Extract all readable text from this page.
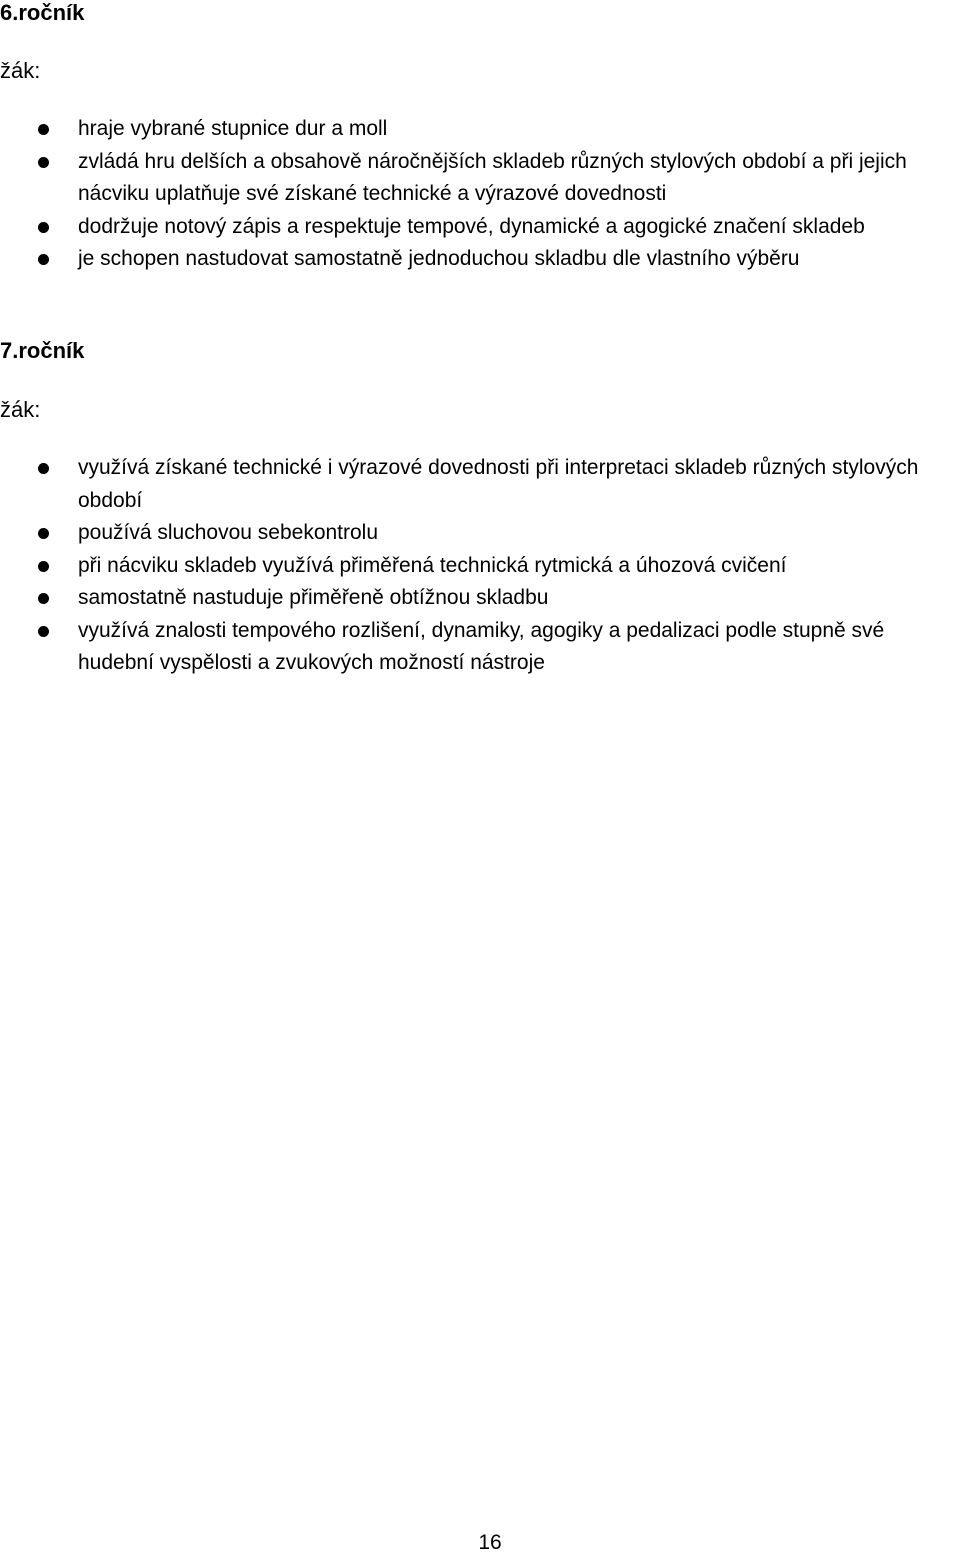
6.ročník
žák:
hraje vybrané stupnice dur a moll
zvládá hru delších a obsahově náročnějších skladeb různých stylových období a při jejich nácviku uplatňuje své získané technické a výrazové dovednosti
dodržuje notový zápis a respektuje tempové, dynamické a agogické značení skladeb
je schopen nastudovat samostatně jednoduchou skladbu dle vlastního výběru
7.ročník
žák:
využívá získané technické i výrazové dovednosti při interpretaci skladeb různých stylových období
používá sluchovou sebekontrolu
při nácviku skladeb využívá přiměřená technická rytmická a úhozová cvičení
samostatně nastuduje přiměřeně obtížnou skladbu
využívá znalosti tempového rozlišení, dynamiky, agogiky a pedalizaci podle stupně své hudební vyspělosti a zvukových možností nástroje
16
